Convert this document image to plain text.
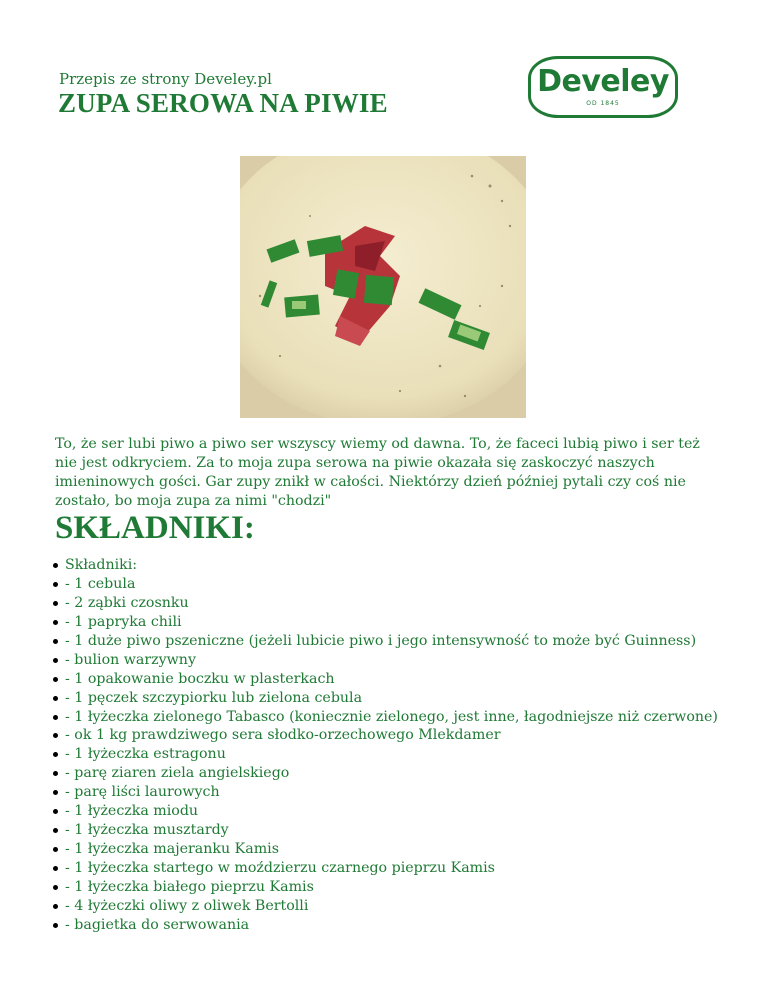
Przepis ze strony Develey.pl
ZUPA SEROWA NA PIWIE
Develey
OD 1845
To, że ser lubi piwo a piwo ser wszyscy wiemy od dawna. To, że faceci lubią piwo i ser też nie jest odkryciem. Za to moja zupa serowa na piwie okazała się zaskoczyć naszych imieninowych gości. Gar zupy znikł w całości. Niektórzy dzień później pytali czy coś nie zostało, bo moja zupa za nimi "chodzi"
SKŁADNIKI:
Składniki:
- 1 cebula
- 2 ząbki czosnku
- 1 papryka chili
- 1 duże piwo pszeniczne (jeżeli lubicie piwo i jego intensywność to może być Guinness)
- bulion warzywny
- 1 opakowanie boczku w plasterkach
- 1 pęczek szczypiorku lub zielona cebula
- 1 łyżeczka zielonego Tabasco (koniecznie zielonego, jest inne, łagodniejsze niż czerwone)
- ok 1 kg prawdziwego sera słodko-orzechowego Mlekdamer
- 1 łyżeczka estragonu
- parę ziaren ziela angielskiego
- parę liści laurowych
- 1 łyżeczka miodu
- 1 łyżeczka musztardy
- 1 łyżeczka majeranku Kamis
- 1 łyżeczka startego w moździerzu czarnego pieprzu Kamis
- 1 łyżeczka białego pieprzu Kamis
- 4 łyżeczki oliwy z oliwek Bertolli
- bagietka do serwowania
